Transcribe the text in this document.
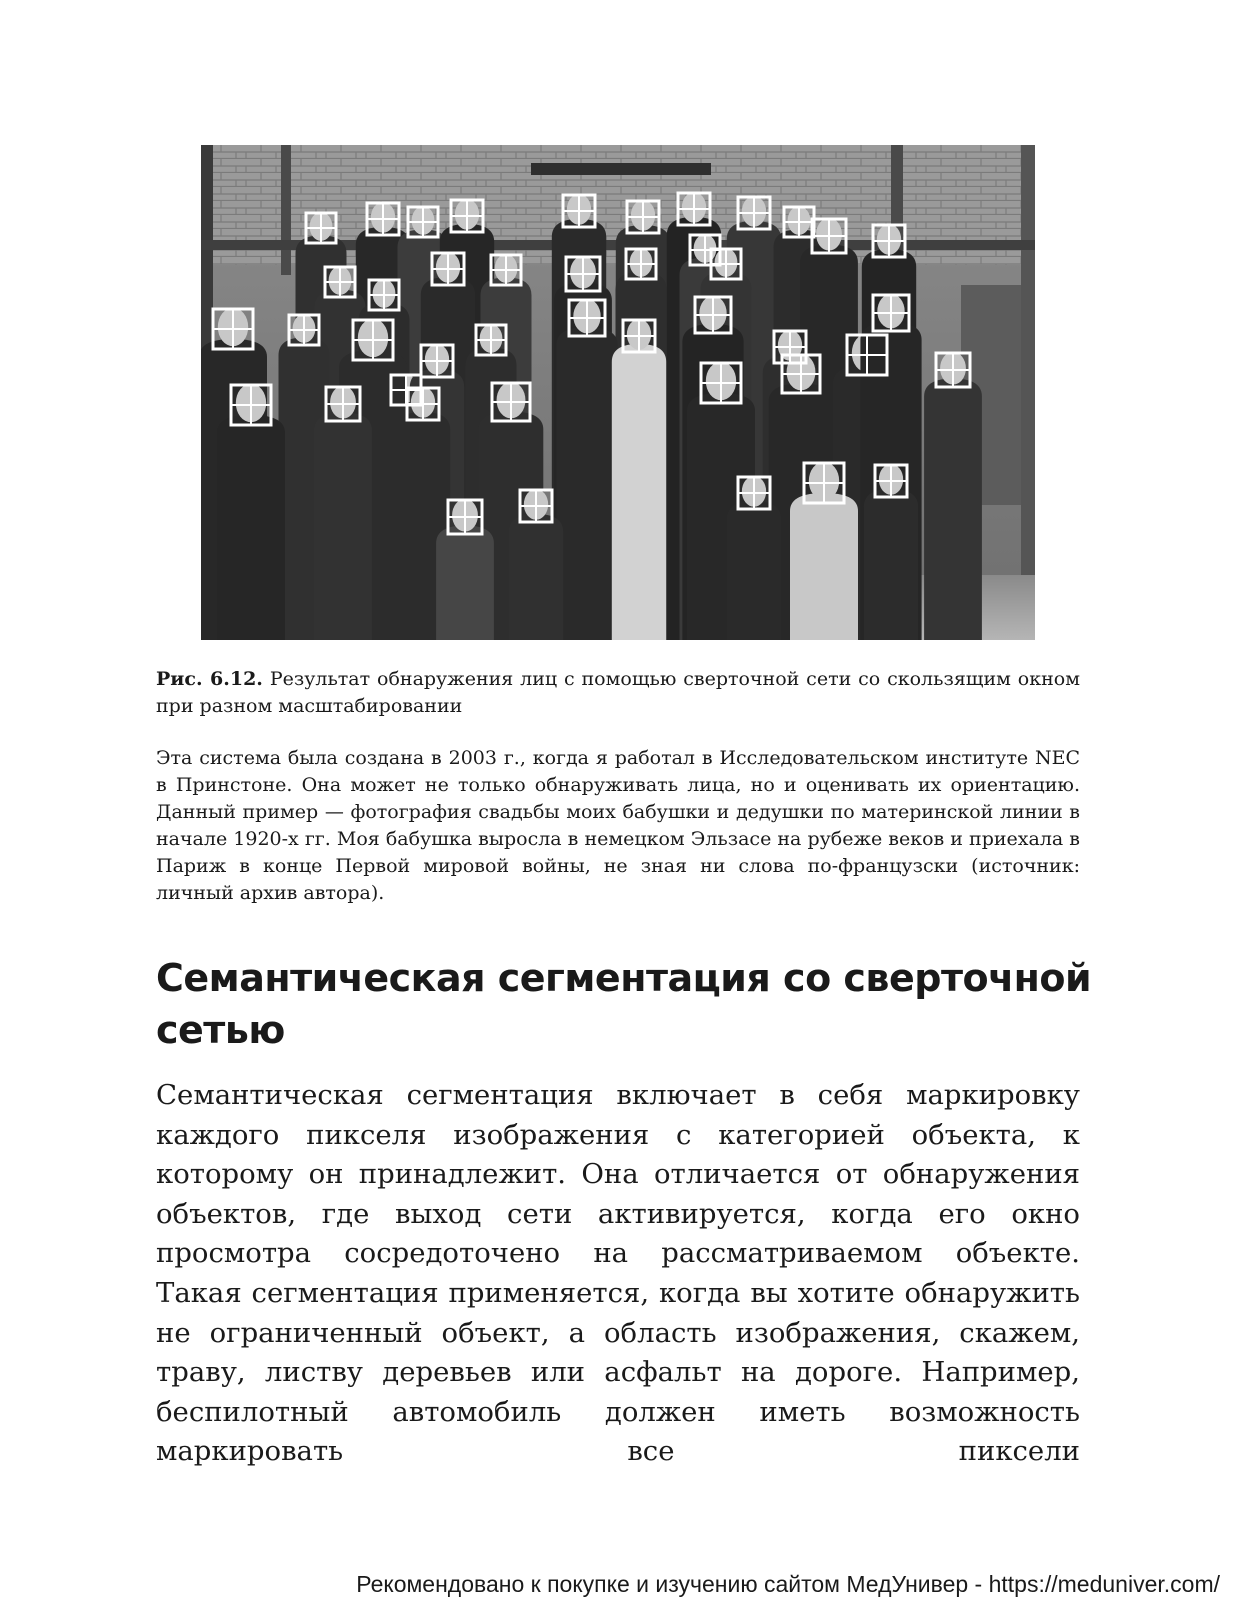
Рис. 6.12. Результат обнаружения лиц с помощью сверточной сети со скользящим окном при разном масштабировании
Эта система была создана в 2003 г., когда я работал в Исследовательском институте NEC в Принстоне. Она может не только обнаруживать лица, но и оценивать их ориентацию. Данный пример — фотография свадьбы моих бабушки и дедушки по материнской линии в начале 1920-х гг. Моя бабушка выросла в немецком Эльзасе на рубеже веков и приехала в Париж в конце Первой мировой войны, не зная ни слова по-французски (источник: личный архив автора).
Семантическая сегментация со сверточной сетью
Семантическая сегментация включает в себя маркировку каждого пикселя изображения с категорией объекта, к которому он принадлежит. Она отличается от обнаружения объектов, где выход сети активируется, когда его окно просмотра сосредоточено на рассматриваемом объекте. Такая сегментация применяется, когда вы хотите обнаружить не ограниченный объект, а область изображения, скажем, траву, листву деревьев или асфальт на дороге. Например, беспилотный автомобиль должен иметь возможность маркировать все пиксели
Рекомендовано к покупке и изучению сайтом МедУнивер - https://meduniver.com/
